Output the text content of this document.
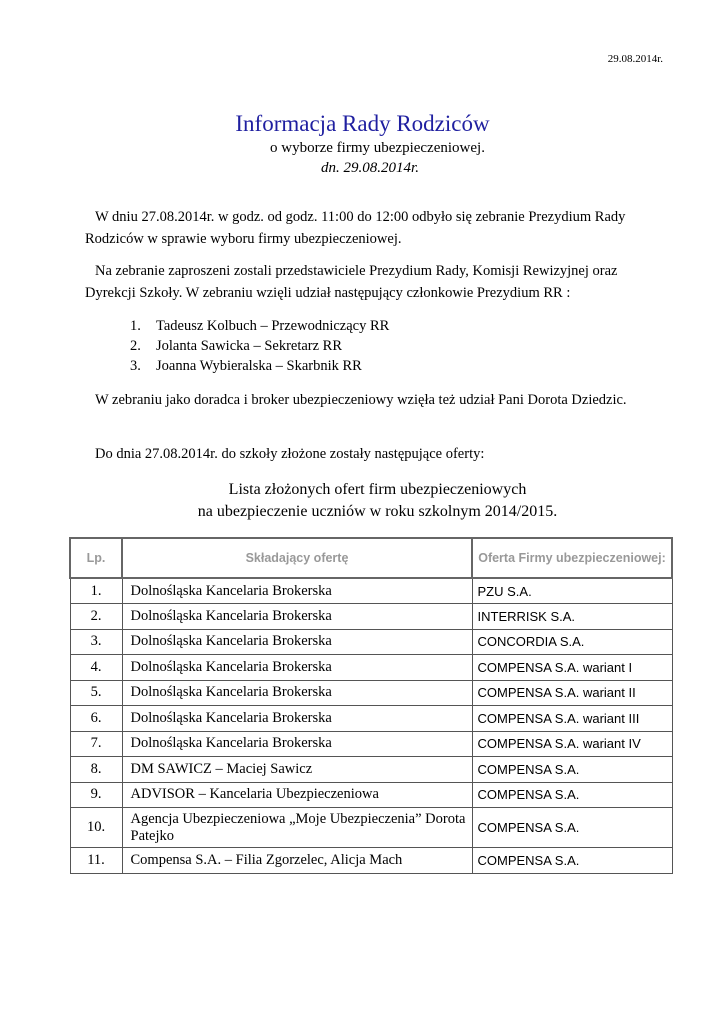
29.08.2014r.
Informacja Rady Rodziców
o wyborze firmy ubezpieczeniowej.
dn. 29.08.2014r.
W dniu 27.08.2014r. w godz. od godz. 11:00 do 12:00 odbyło się zebranie Prezydium Rady Rodziców w sprawie wyboru firmy ubezpieczeniowej.
Na zebranie zaproszeni zostali przedstawiciele Prezydium Rady, Komisji Rewizyjnej oraz Dyrekcji Szkoły. W zebraniu wzięli udział następujący członkowie Prezydium RR :
1. Tadeusz Kolbuch – Przewodniczący RR
2. Jolanta Sawicka – Sekretarz RR
3. Joanna Wybieralska – Skarbnik RR
W zebraniu jako doradca i broker ubezpieczeniowy wzięła też udział Pani Dorota Dziedzic.
Do dnia 27.08.2014r. do szkoły złożone zostały następujące oferty:
Lista złożonych ofert firm ubezpieczeniowych
na ubezpieczenie uczniów w roku szkolnym 2014/2015.
Lp.	Składający ofertę	Oferta Firmy ubezpieczeniowej:
1.	Dolnośląska Kancelaria Brokerska	PZU S.A.
2.	Dolnośląska Kancelaria Brokerska	INTERRISK S.A.
3.	Dolnośląska Kancelaria Brokerska	CONCORDIA S.A.
4.	Dolnośląska Kancelaria Brokerska	COMPENSA S.A. wariant I
5.	Dolnośląska Kancelaria Brokerska	COMPENSA S.A. wariant II
6.	Dolnośląska Kancelaria Brokerska	COMPENSA S.A. wariant III
7.	Dolnośląska Kancelaria Brokerska	COMPENSA S.A. wariant IV
8.	DM SAWICZ – Maciej Sawicz	COMPENSA S.A.
9.	ADVISOR – Kancelaria Ubezpieczeniowa	COMPENSA S.A.
10.	Agencja Ubezpieczeniowa „Moje Ubezpieczenia” Dorota Patejko	COMPENSA S.A.
11.	Compensa S.A. – Filia Zgorzelec, Alicja Mach	COMPENSA S.A.
